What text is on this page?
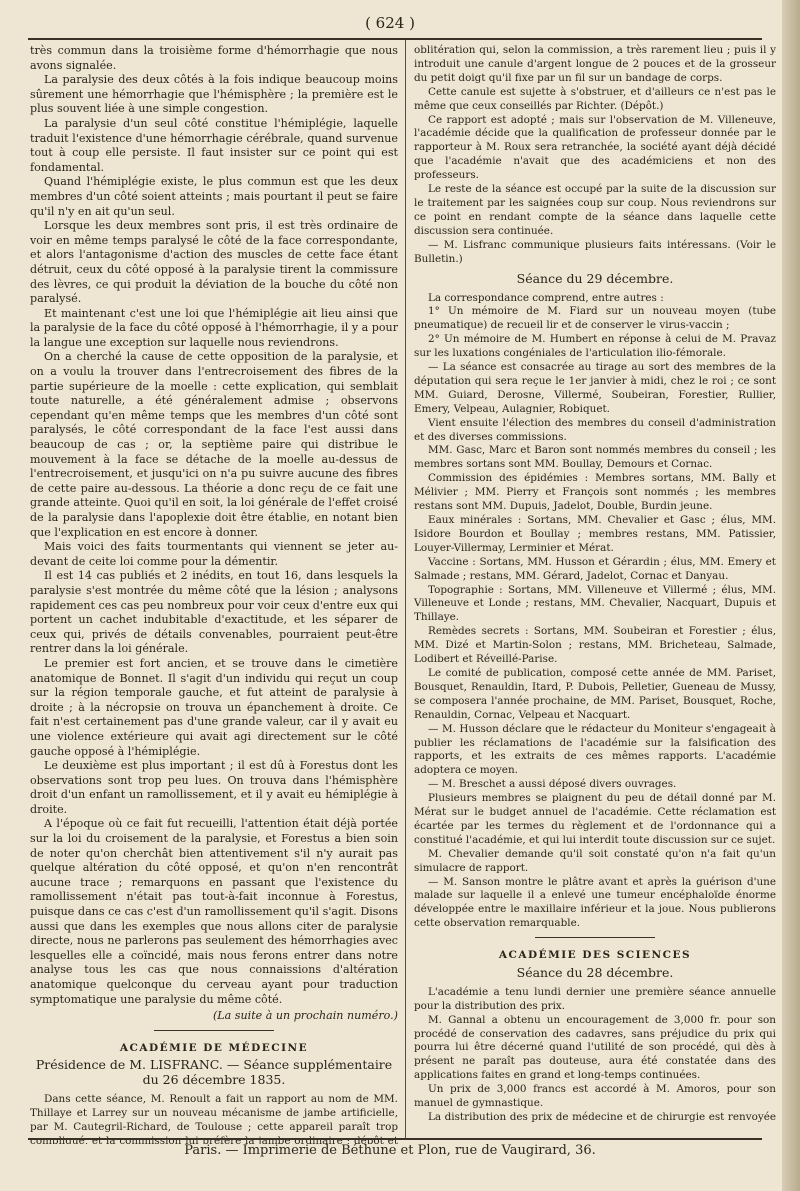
( 624 )

très commun dans la troisième forme d'hémorrhagie que nous avons signalée.

La paralysie des deux côtés à la fois indique beaucoup moins sûrement une hémorrhagie que l'hémisphère ; la première est le plus souvent liée à une simple congestion.

La paralysie d'un seul côté constitue l'hémiplégie, laquelle traduit l'existence d'une hémorrhagie cérébrale, quand survenue tout à coup elle persiste. Il faut insister sur ce point qui est fondamental.

Quand l'hémiplégie existe, le plus commun est que les deux membres d'un côté soient atteints ; mais pourtant il peut se faire qu'il n'y en ait qu'un seul.

Lorsque les deux membres sont pris, il est très ordinaire de voir en même temps paralysé le côté de la face correspondante, et alors l'antagonisme d'action des muscles de cette face étant détruit, ceux du côté opposé à la paralysie tirent la commissure des lèvres, ce qui produit la déviation de la bouche du côté non paralysé.

Et maintenant c'est une loi que l'hémiplégie ait lieu ainsi que la paralysie de la face du côté opposé à l'hémorrhagie, il y a pour la langue une exception sur laquelle nous reviendrons.

On a cherché la cause de cette opposition de la paralysie, et on a voulu la trouver dans l'entrecroisement des fibres de la partie supérieure de la moelle : cette explication, qui semblait toute naturelle, a été généralement admise ; observons cependant qu'en même temps que les membres d'un côté sont paralysés, le côté correspondant de la face l'est aussi dans beaucoup de cas ; or, la septième paire qui distribue le mouvement à la face se détache de la moelle au-dessus de l'entrecroisement, et jusqu'ici on n'a pu suivre aucune des fibres de cette paire au-dessous. La théorie a donc reçu de ce fait une grande atteinte. Quoi qu'il en soit, la loi générale de l'effet croisé de la paralysie dans l'apoplexie doit être établie, en notant bien que l'explication en est encore à donner.

Mais voici des faits tourmentants qui viennent se jeter au-devant de ceite loi comme pour la démentir.

Il est 14 cas publiés et 2 inédits, en tout 16, dans lesquels la paralysie s'est montrée du même côté que la lésion ; analysons rapidement ces cas peu nombreux pour voir ceux d'entre eux qui portent un cachet indubitable d'exactitude, et les séparer de ceux qui, privés de détails convenables, pourraient peut-être rentrer dans la loi générale.

Le premier est fort ancien, et se trouve dans le cimetière anatomique de Bonnet. Il s'agit d'un individu qui reçut un coup sur la région temporale gauche, et fut atteint de paralysie à droite ; à la nécropsie on trouva un épanchement à droite. Ce fait n'est certainement pas d'une grande valeur, car il y avait eu une violence extérieure qui avait agi directement sur le côté gauche opposé à l'hémiplégie.

Le deuxième est plus important ; il est dû à Forestus dont les observations sont trop peu lues. On trouva dans l'hémisphère droit d'un enfant un ramollissement, et il y avait eu hémiplégie à droite.

A l'époque où ce fait fut recueilli, l'attention était déjà portée sur la loi du croisement de la paralysie, et Forestus a bien soin de noter qu'on cherchât bien attentivement s'il n'y aurait pas quelque altération du côté opposé, et qu'on n'en rencontrât aucune trace ; remarquons en passant que l'existence du ramollissement n'était pas tout-à-fait inconnue à Forestus, puisque dans ce cas c'est d'un ramollissement qu'il s'agit. Disons aussi que dans les exemples que nous allons citer de paralysie directe, nous ne parlerons pas seulement des hémorrhagies avec lesquelles elle a coïncidé, mais nous ferons entrer dans notre analyse tous les cas que nous connaissions d'altération anatomique quelconque du cerveau ayant pour traduction symptomatique une paralysie du même côté.

(La suite à un prochain numéro.)
ACADÉMIE DE MÉDECINE
Présidence de M. LISFRANC. — Séance supplémentaire du 26 décembre 1835.

Dans cette séance, M. Renoult a fait un rapport au nom de MM. Thillaye et Larrey sur un nouveau mécanisme de jambe artificielle, par M. Cautegril-Richard, de Toulouse ; cette appareil paraît trop

oblitération qui, selon la commission, a très rarement lieu ; puis il y introduit une canule d'argent longue de 2 pouces et de la grosseur du petit doigt qu'il fixe par un fil sur un bandage de corps.

Cette canule est sujette à s'obstruer, et d'ailleurs ce n'est pas le même que ceux conseillés par Richter. (Dépôt.)

Ce rapport est adopté ; mais sur l'observation de M. Villeneuve, l'académie décide que la qualification de professeur donnée par le rapporteur à M. Roux sera retranchée, la société ayant déjà décidé que l'académie n'avait que des académiciens et non des professeurs.

Le reste de la séance est occupé par la suite de la discussion sur le traitement par les saignées coup sur coup. Nous reviendrons sur ce point en rendant compte de la séance dans laquelle cette discussion sera continuée.

— M. Lisfranc communique plusieurs faits intéressans. (Voir le Bulletin.)

Séance du 29 décembre.

La correspondance comprend, entre autres :

1° Un mémoire de M. Fiard sur un nouveau moyen (tube pneumatique) de recueil lir et de conserver le virus-vaccin ;

2° Un mémoire de M. Humbert en réponse à celui de M. Pravaz sur les luxations congéniales de l'articulation ilio-fémorale.

— La séance est consacrée au tirage au sort des membres de la députation qui sera reçue le 1er janvier à midi, chez le roi ; ce sont MM. Guiard, Derosne, Villermé, Soubeiran, Forestier, Rullier, Emery, Velpeau, Aulagnier, Robiquet.

Vient ensuite l'élection des membres du conseil d'administration et des diverses commissions.

MM. Gasc, Marc et Baron sont nommés membres du conseil ; les membres sortans sont MM. Boullay, Demours et Cornac.

Commission des épidémies : Membres sortans, MM. Bally et Mélivier ; MM. Pierry et François sont nommés ; les membres restans sont MM. Dupuis, Jadelot, Double, Burdin jeune.

Eaux minérales : Sortans, MM. Chevalier et Gasc ; élus, MM. Isidore Bourdon et Boullay ; membres restans, MM. Patissier, Louyer-Villermay, Lerminier et Mérat.

Vaccine : Sortans, MM. Husson et Gérardin ; élus, MM. Emery et Salmade ; restans, MM. Gérard, Jadelot, Cornac et Danyau.

Topographie : Sortans, MM. Villeneuve et Villermé ; élus, MM. Villeneuve et Londe ; restans, MM. Chevalier, Nacquart, Dupuis et Thillaye.

Remèdes secrets : Sortans, MM. Soubeiran et Forestier ; élus, MM. Dizé et Martin-Solon ; restans, MM. Bricheteau, Salmade, Lodibert et Réveillé-Parise.

Le comité de publication, composé cette année de MM. Pariset, Bousquet, Renauldin, Itard, P. Dubois, Pelletier, Gueneau de Mussy, se composera l'année prochaine, de MM. Pariset, Bousquet, Roche, Renauldin, Cornac, Velpeau et Nacquart.

— M. Husson déclare que le rédacteur du Moniteur s'engageait à publier les réclamations de l'académie sur la falsification des rapports, et les extraits de ces mêmes rapports. L'académie adoptera ce moyen.

— M. Breschet a aussi déposé divers ouvrages.

Plusieurs membres se plaignent du peu de détail donné par M. Mérat sur le budget annuel de l'académie. Cette réclamation est écartée par les termes du règlement et de l'ordonnance qui a constitué l'académie, et qui lui interdit toute discussion sur ce sujet.

M. Chevalier demande qu'il soit constaté qu'on n'a fait qu'un simulacre de rapport.

— M. Sanson montre le plâtre avant et après la guérison d'une malade sur laquelle il a enlevé une tumeur encéphaloïde énorme développée entre le maxillaire inférieur et la joue. Nous publierons cette observation remarquable.

ACADÉMIE DES SCIENCES
Séance du 28 décembre.

L'académie a tenu lundi dernier une première séance annuelle pour la distribution des prix.

M. Gannal a obtenu un encouragement de 3,000 fr. pour son procédé de conservation des cadavres, sans préjudice du prix qui pourra lui être décerné quand l'utilité de son procédé, qui dès à présent ne paraît pas douteuse, aura été constatée dans des applications faites en grand et long-temps continuées.

Un prix de 3,000 francs est accordé à M. Amoros, pour son manuel de gymnastique.

La distribution des prix de médecine et de chirurgie est renvoyée

Paris. — Imprimerie de Béthune et Plon, rue de Vaugirard, 36.
